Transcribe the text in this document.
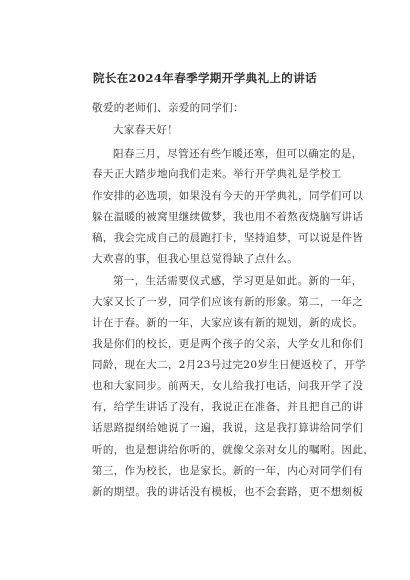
院长在2024年春季学期开学典礼上的讲话
敬爱的老师们、亲爱的同学们：
大家春天好！
阳春三月，尽管还有些乍暖还寒，但可以确定的是，
春天正大踏步地向我们走来。举行开学典礼是学校工
作安排的必选项，如果没有今天的开学典礼，同学们可以
躲在温暖的被窝里继续做梦，我也用不着熬夜烧脑写讲话
稿，我会完成自己的晨跑打卡，坚持追梦，可以说是件皆
大欢喜的事，但我心里总觉得缺了点什么。
第一，生活需要仪式感，学习更是如此。新的一年，
大家又长了一岁，同学们应该有新的形象。第二，一年之
计在于春。新的一年，大家应该有新的规划，新的成长。
我是你们的校长，更是两个孩子的父亲，大学女儿和你们
同龄，现在大二，2月23号过完20岁生日便返校了，开学
也和大家同步。前两天，女儿给我打电话，问我开学了没
有，给学生讲话了没有，我说正在准备，并且把自己的讲
话思路提纲给她说了一遍，我说，这是我打算讲给同学们
听的，也是想讲给你听的，就像父亲对女儿的嘱咐。因此，
第三，作为校长，也是家长。新的一年，内心对同学们有
新的期望。我的讲话没有模板，也不会套路，更不想刻板
